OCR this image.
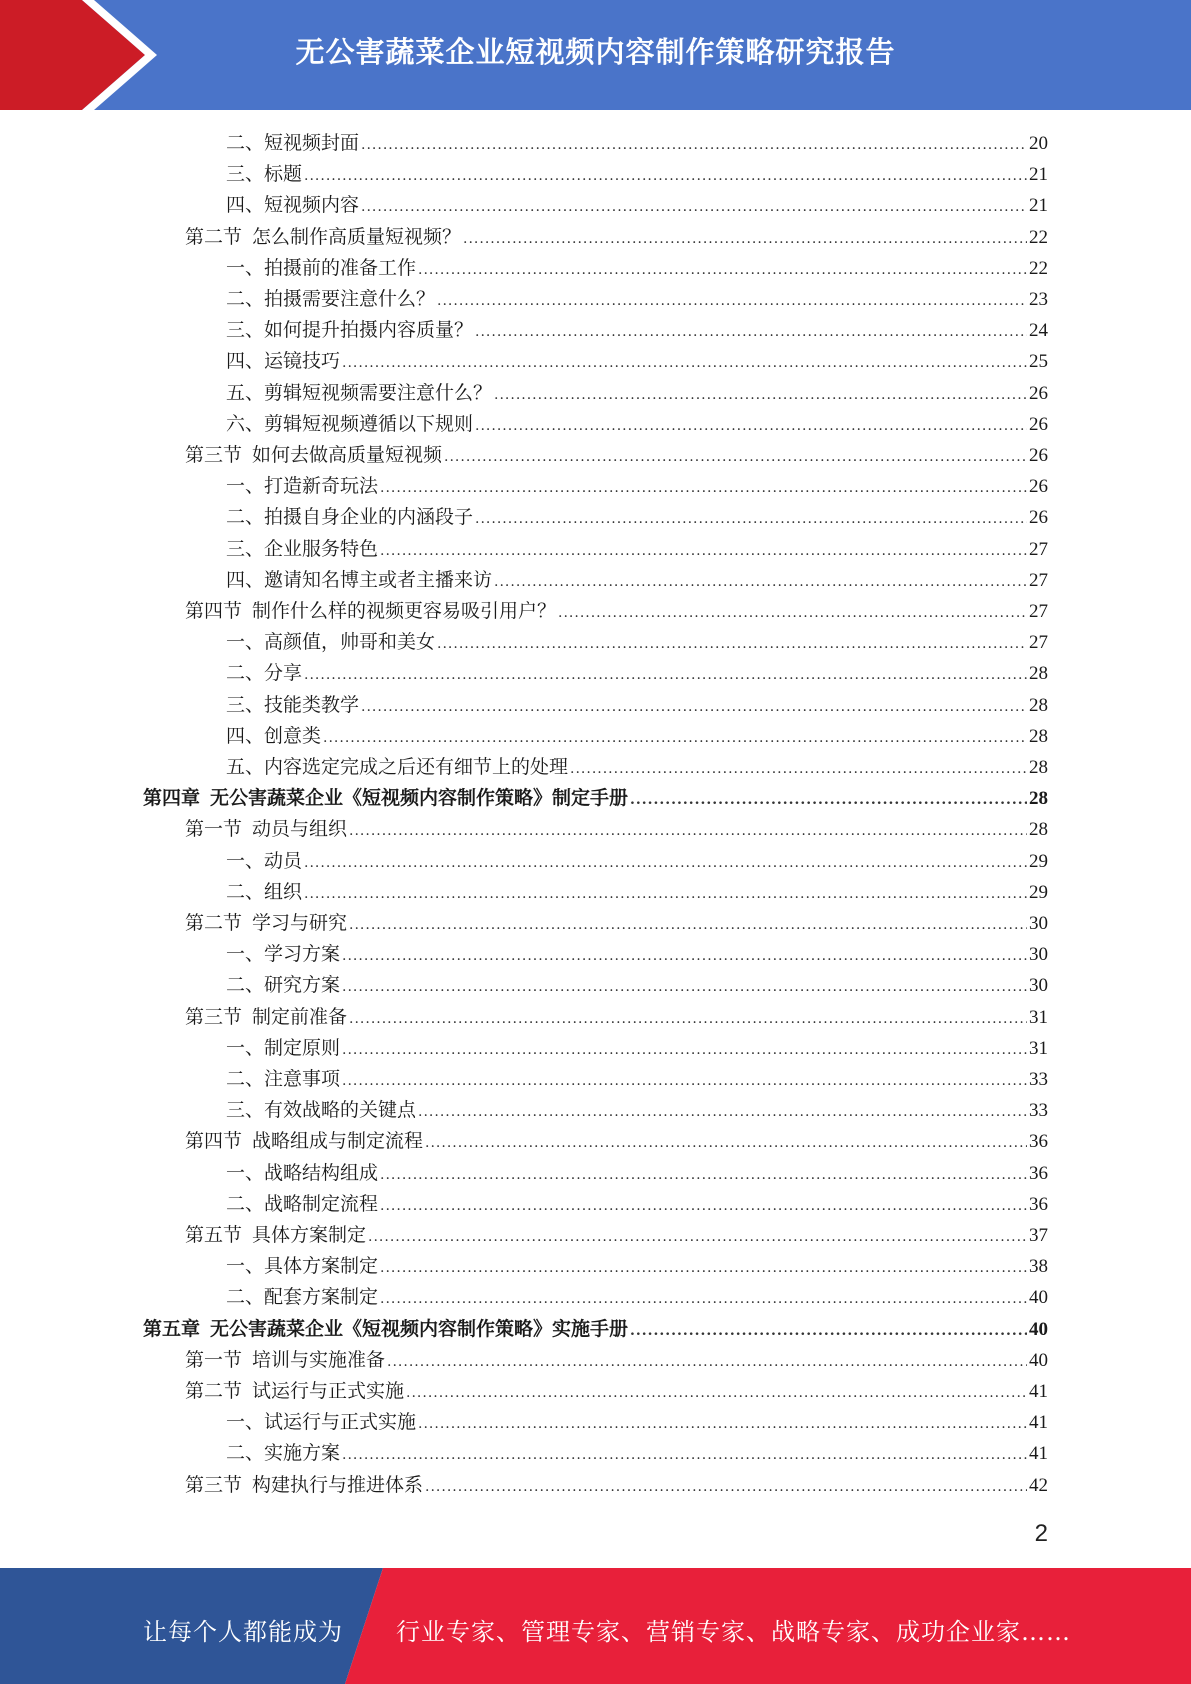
无公害蔬菜企业短视频内容制作策略研究报告
二、短视频封面 .....	20
三、标题 .....	21
四、短视频内容 .....	21
第二节 怎么制作高质量短视频？ .....	22
一、拍摄前的准备工作 .....	22
二、拍摄需要注意什么？ .....	23
三、如何提升拍摄内容质量？ .....	24
四、运镜技巧 .....	25
五、剪辑短视频需要注意什么？ .....	26
六、剪辑短视频遵循以下规则 .....	26
第三节 如何去做高质量短视频 .....	26
一、打造新奇玩法 .....	26
二、拍摄自身企业的内涵段子 .....	26
三、企业服务特色 .....	27
四、邀请知名博主或者主播来访 .....	27
第四节 制作什么样的视频更容易吸引用户？ .....	27
一、高颜值，帅哥和美女 .....	27
二、分享 .....	28
三、技能类教学 .....	28
四、创意类 .....	28
五、内容选定完成之后还有细节上的处理 .....	28
第四章 无公害蔬菜企业《短视频内容制作策略》制定手册 .....	28
第一节 动员与组织 .....	28
一、动员 .....	29
二、组织 .....	29
第二节 学习与研究 .....	30
一、学习方案 .....	30
二、研究方案 .....	30
第三节 制定前准备 .....	31
一、制定原则 .....	31
二、注意事项 .....	33
三、有效战略的关键点 .....	33
第四节 战略组成与制定流程 .....	36
一、战略结构组成 .....	36
二、战略制定流程 .....	36
第五节 具体方案制定 .....	37
一、具体方案制定 .....	38
二、配套方案制定 .....	40
第五章 无公害蔬菜企业《短视频内容制作策略》实施手册 .....	40
第一节 培训与实施准备 .....	40
第二节 试运行与正式实施 .....	41
一、试运行与正式实施 .....	41
二、实施方案 .....	41
第三节 构建执行与推进体系 .....	42
2
让每个人都能成为 行业专家、管理专家、营销专家、战略专家、成功企业家……
